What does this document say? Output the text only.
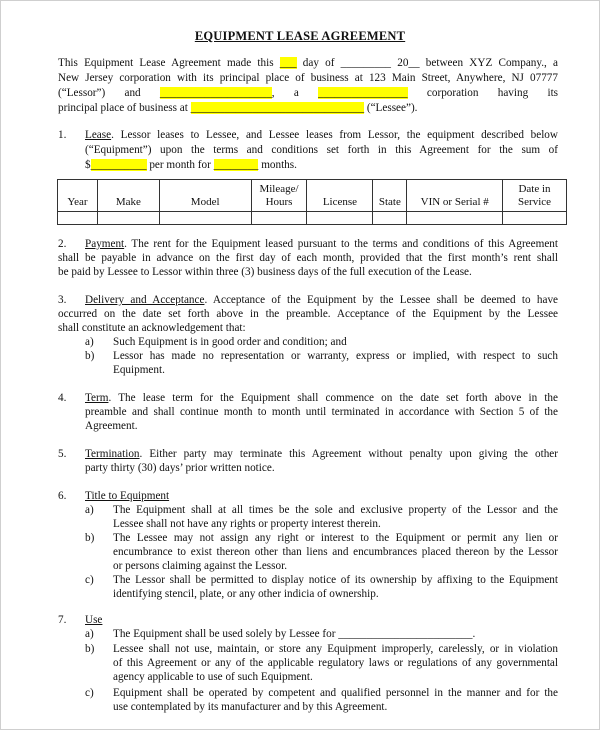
EQUIPMENT LEASE AGREEMENT
This Equipment Lease Agreement made this ___ day of _________ 20__ between XYZ Company., a
New Jersey corporation with its principal place of business at 123 Main Street, Anywhere, NJ 07777
(“Lessor”) and ____________________, a ________________ corporation having its
principal place of business at _______________________________ (“Lessee”).
1. Lease. Lessor leases to Lessee, and Lessee leases from Lessor, the equipment described below
(“Equipment”) upon the terms and conditions set forth in this Agreement for the sum of
$__________ per month for ________ months.
Year	Make	Model	Mileage/ Hours	License	State	VIN or Serial #	Date in Service

2. Payment. The rent for the Equipment leased pursuant to the terms and conditions of this Agreement
shall be payable in advance on the first day of each month, provided that the first month’s rent shall
be paid by Lessee to Lessor within three (3) business days of the full execution of the Lease.
3. Delivery and Acceptance. Acceptance of the Equipment by the Lessee shall be deemed to have
occurred on the date set forth above in the preamble. Acceptance of the Equipment by the Lessee
shall constitute an acknowledgement that:
a) Such Equipment is in good order and condition; and
b) Lessor has made no representation or warranty, express or implied, with respect to such
Equipment.
4. Term. The lease term for the Equipment shall commence on the date set forth above in the
preamble and shall continue month to month until terminated in accordance with Section 5 of the
Agreement.
5. Termination. Either party may terminate this Agreement without penalty upon giving the other
party thirty (30) days’ prior written notice.
6. Title to Equipment
a) The Equipment shall at all times be the sole and exclusive property of the Lessor and the
Lessee shall not have any rights or property interest therein.
b) The Lessee may not assign any right or interest to the Equipment or permit any lien or
encumbrance to exist thereon other than liens and encumbrances placed thereon by the Lessor
or persons claiming against the Lessor.
c) The Lessor shall be permitted to display notice of its ownership by affixing to the Equipment
identifying stencil, plate, or any other indicia of ownership.
7. Use
a) The Equipment shall be used solely by Lessee for ________________________.
b) Lessee shall not use, maintain, or store any Equipment improperly, carelessly, or in violation
of this Agreement or any of the applicable regulatory laws or regulations of any governmental
agency applicable to use of such Equipment.
c) Equipment shall be operated by competent and qualified personnel in the manner and for the
use contemplated by its manufacturer and by this Agreement.
